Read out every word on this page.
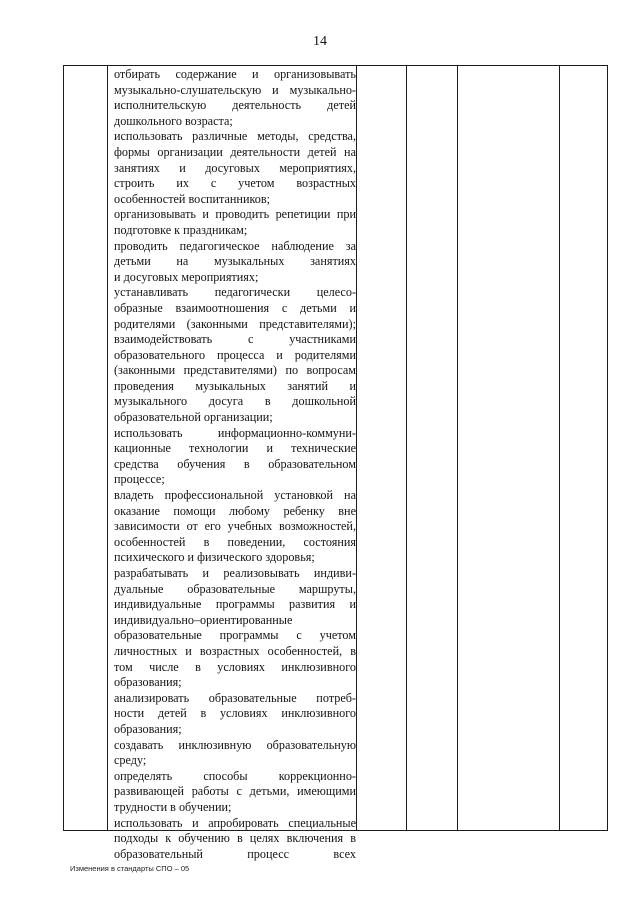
14
отбирать содержание и организовывать
музыкально-слушательскую и музыкально-
исполнительскую деятельность детей
дошкольного возраста;
использовать различные методы, средства,
формы организации деятельности детей на
занятиях и досуговых мероприятиях,
строить их с учетом возрастных
особенностей воспитанников;
организовывать и проводить репетиции при
подготовке к праздникам;
проводить педагогическое наблюдение за
детьми на музыкальных занятиях
и досуговых мероприятиях;
устанавливать педагогически целесо-
образные взаимоотношения с детьми и
родителями (законными представителями);
взаимодействовать с участниками
образовательного процесса и родителями
(законными представителями) по вопросам
проведения музыкальных занятий и
музыкального досуга в дошкольной
образовательной организации;
использовать информационно-коммуни-
кационные технологии и технические
средства обучения в образовательном
процессе;
владеть профессиональной установкой на
оказание помощи любому ребенку вне
зависимости от его учебных возможностей,
особенностей в поведении, состояния
психического и физического здоровья;
разрабатывать и реализовывать индиви-
дуальные образовательные маршруты,
индивидуальные программы развития и
индивидуально–ориентированные
образовательные программы с учетом
личностных и возрастных особенностей, в
том числе в условиях инклюзивного
образования;
анализировать образовательные потреб-
ности детей в условиях инклюзивного
образования;
создавать инклюзивную образовательную
среду;
определять способы коррекционно-
развивающей работы с детьми, имеющими
трудности в обучении;
использовать и апробировать специальные
подходы к обучению в целях включения в
образовательный процесс всех
Изменения в стандарты СПО – 05
